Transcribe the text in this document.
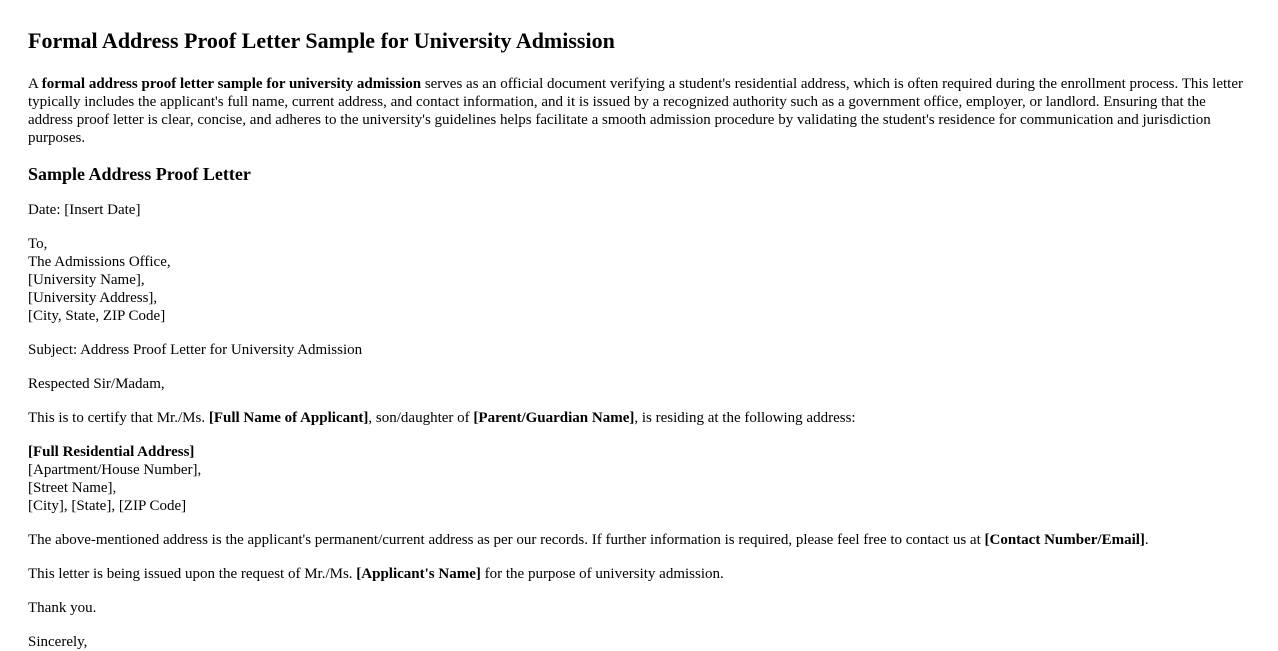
Formal Address Proof Letter Sample for University Admission

A formal address proof letter sample for university admission serves as an official document verifying a student's residential address, which is often required during the enrollment process. This letter typically includes the applicant's full name, current address, and contact information, and it is issued by a recognized authority such as a government office, employer, or landlord. Ensuring that the address proof letter is clear, concise, and adheres to the university's guidelines helps facilitate a smooth admission procedure by validating the student's residence for communication and jurisdiction purposes.

Sample Address Proof Letter

Date: [Insert Date]

To,
The Admissions Office,
[University Name],
[University Address],
[City, State, ZIP Code]

Subject: Address Proof Letter for University Admission

Respected Sir/Madam,

This is to certify that Mr./Ms. [Full Name of Applicant], son/daughter of [Parent/Guardian Name], is residing at the following address:

[Full Residential Address]
[Apartment/House Number],
[Street Name],
[City], [State], [ZIP Code]

The above-mentioned address is the applicant's permanent/current address as per our records. If further information is required, please feel free to contact us at [Contact Number/Email].

This letter is being issued upon the request of Mr./Ms. [Applicant's Name] for the purpose of university admission.

Thank you.

Sincerely,
